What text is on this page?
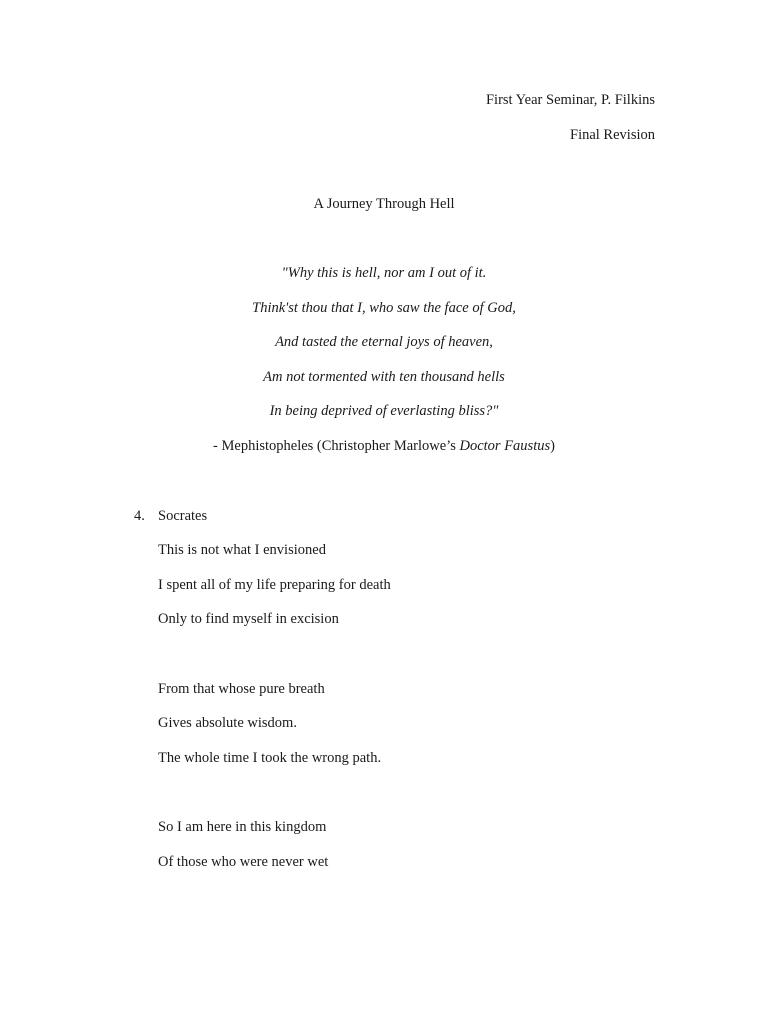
First Year Seminar, P. Filkins
Final Revision
A Journey Through Hell
"Why this is hell, nor am I out of it.
Think'st thou that I, who saw the face of God,
And tasted the eternal joys of heaven,
Am not tormented with ten thousand hells
In being deprived of everlasting bliss?"
- Mephistopheles (Christopher Marlowe’s Doctor Faustus)
4. Socrates
This is not what I envisioned
I spent all of my life preparing for death
Only to find myself in excision
From that whose pure breath
Gives absolute wisdom.
The whole time I took the wrong path.
So I am here in this kingdom
Of those who were never wet
